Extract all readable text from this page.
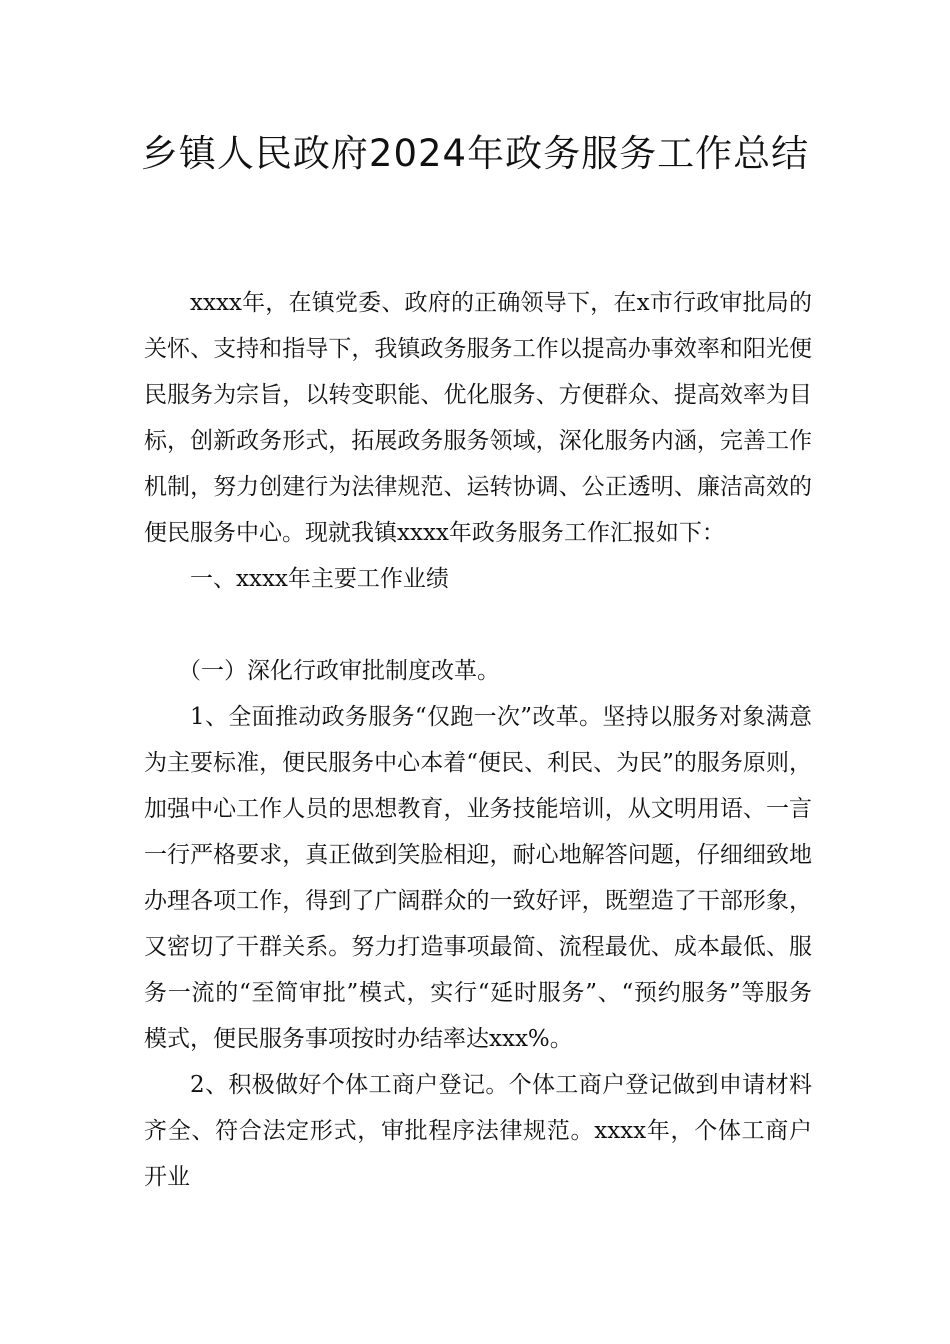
乡镇人民政府2024年政务服务工作总结

xxxx年，在镇党委、政府的正确领导下，在x市行政审批局的关怀、支持和指导下，我镇政务服务工作以提高办事效率和阳光便民服务为宗旨，以转变职能、优化服务、方便群众、提高效率为目标，创新政务形式，拓展政务服务领域，深化服务内涵，完善工作机制，努力创建行为法律规范、运转协调、公正透明、廉洁高效的便民服务中心。现就我镇xxxx年政务服务工作汇报如下：

一、xxxx年主要工作业绩

（一）深化行政审批制度改革。

1、全面推动政务服务“仅跑一次”改革。坚持以服务对象满意为主要标准，便民服务中心本着“便民、利民、为民”的服务原则，加强中心工作人员的思想教育，业务技能培训，从文明用语、一言一行严格要求，真正做到笑脸相迎，耐心地解答问题，仔细细致地办理各项工作，得到了广阔群众的一致好评，既塑造了干部形象，又密切了干群关系。努力打造事项最简、流程最优、成本最低、服务一流的“至简审批”模式，实行“延时服务”、“预约服务”等服务模式，便民服务事项按时办结率达xxx%。

2、积极做好个体工商户登记。个体工商户登记做到申请材料齐全、符合法定形式，审批程序法律规范。xxxx年，个体工商户开业
